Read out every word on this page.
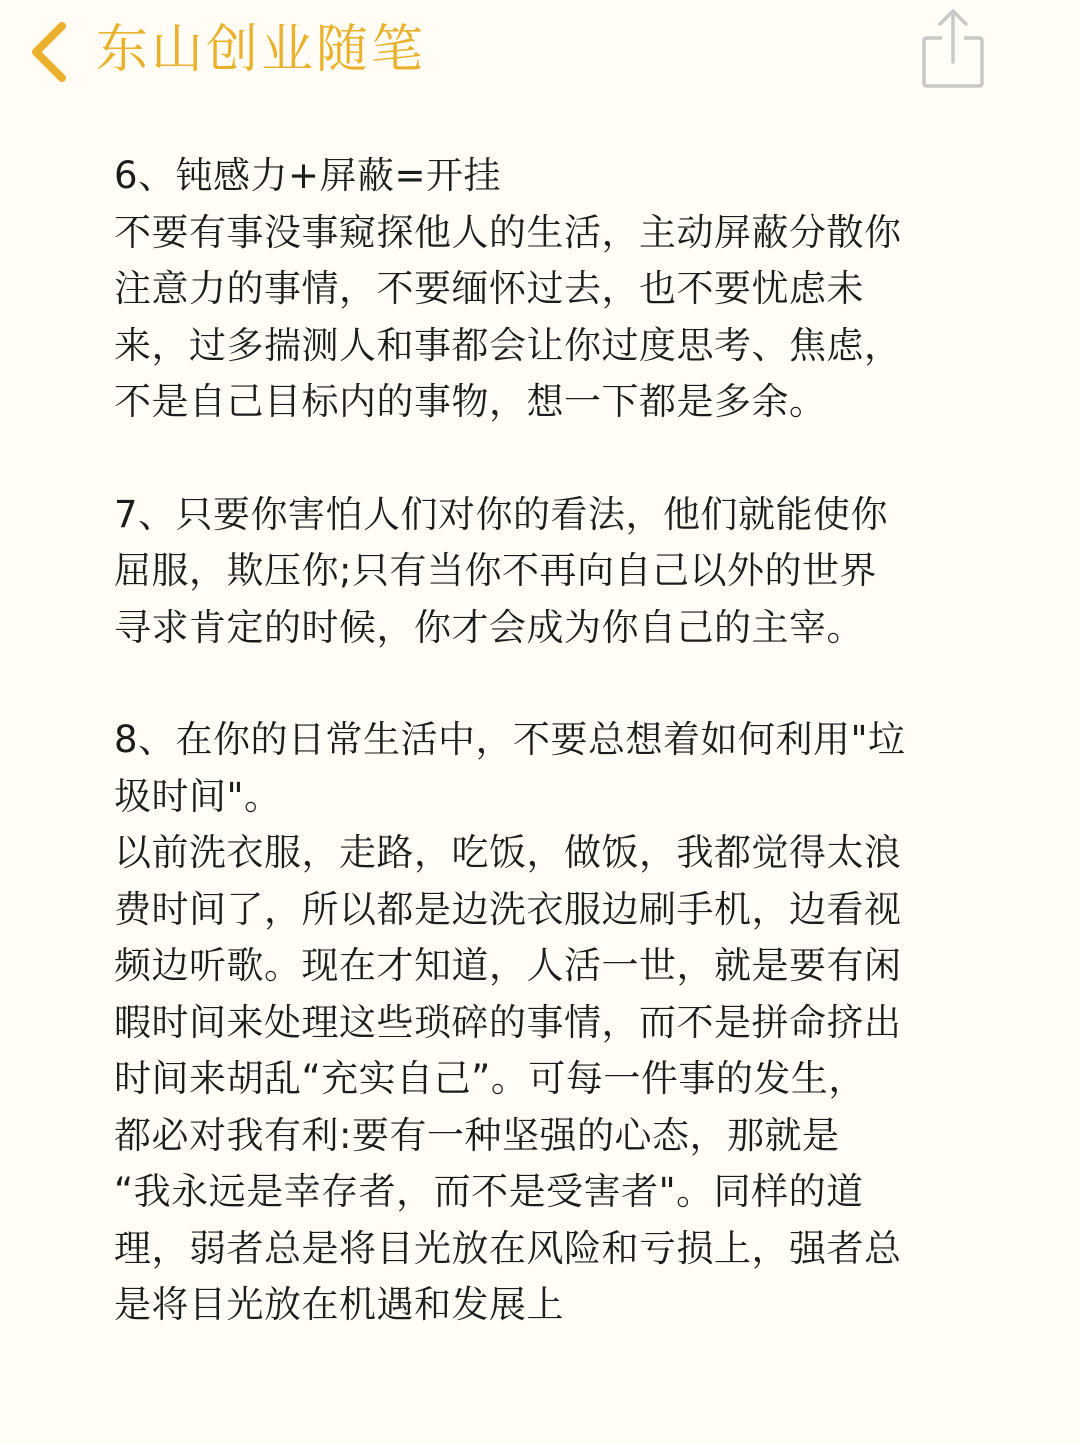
东山创业随笔
6、钝感力+屏蔽=开挂
不要有事没事窥探他人的生活，主动屏蔽分散你
注意力的事情，不要缅怀过去，也不要忧虑未
来，过多揣测人和事都会让你过度思考、焦虑，
不是自己目标内的事物，想一下都是多余。
7、只要你害怕人们对你的看法，他们就能使你
屈服，欺压你;只有当你不再向自己以外的世界
寻求肯定的时候，你才会成为你自己的主宰。
8、在你的日常生活中，不要总想着如何利用"垃
圾时间"。
以前洗衣服，走路，吃饭，做饭，我都觉得太浪
费时间了，所以都是边洗衣服边刷手机，边看视
频边听歌。现在才知道，人活一世，就是要有闲
暇时间来处理这些琐碎的事情，而不是拼命挤出
时间来胡乱“充实自己”。可每一件事的发生，
都必对我有利:要有一种坚强的心态，那就是
“我永远是幸存者，而不是受害者"。同样的道
理，弱者总是将目光放在风险和亏损上，强者总
是将目光放在机遇和发展上
